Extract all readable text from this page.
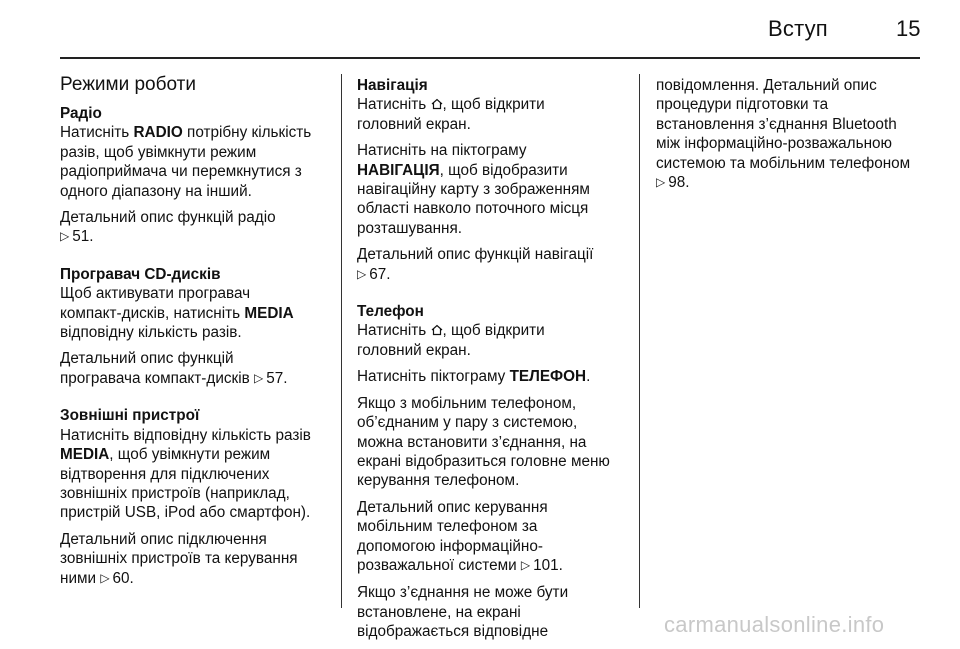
Вступ	15
Режими роботи
Радіо
Натисніть RADIO потрібну кількість
разів, щоб увімкнути режим
радіоприймача чи перемкнутися з
одного діапазону на інший.
Детальний опис функцій радіо
▷ 51.
Програвач CD-дисків
Щоб активувати програвач
компакт-дисків, натисніть MEDIA
відповідну кількість разів.
Детальний опис функцій
програвача компакт-дисків ▷ 57.
Зовнішні пристрої
Натисніть відповідну кількість разів
MEDIA, щоб увімкнути режим
відтворення для підключених
зовнішніх пристроїв (наприклад,
пристрій USB, iPod або смартфон).
Детальний опис підключення
зовнішніх пристроїв та керування
ними ▷ 60.
Навігація
Натисніть , щоб відкрити
головний екран.
Натисніть на піктограму
НАВІГАЦІЯ, щоб відобразити
навігаційну карту з зображенням
області навколо поточного місця
розташування.
Детальний опис функцій навігації
▷ 67.
Телефон
Натисніть , щоб відкрити
головний екран.
Натисніть піктограму ТЕЛЕФОН.
Якщо з мобільним телефоном,
об’єднаним у пару з системою,
можна встановити з’єднання, на
екрані відобразиться головне меню
керування телефоном.
Детальний опис керування
мобільним телефоном за
допомогою інформаційно-
розважальної системи ▷ 101.
Якщо з’єднання не може бути
встановлене, на екрані
відображається відповідне
повідомлення. Детальний опис
процедури підготовки та
встановлення з’єднання Bluetooth
між інформаційно-розважальною
системою та мобільним телефоном
▷ 98.
carmanualsonline.info
